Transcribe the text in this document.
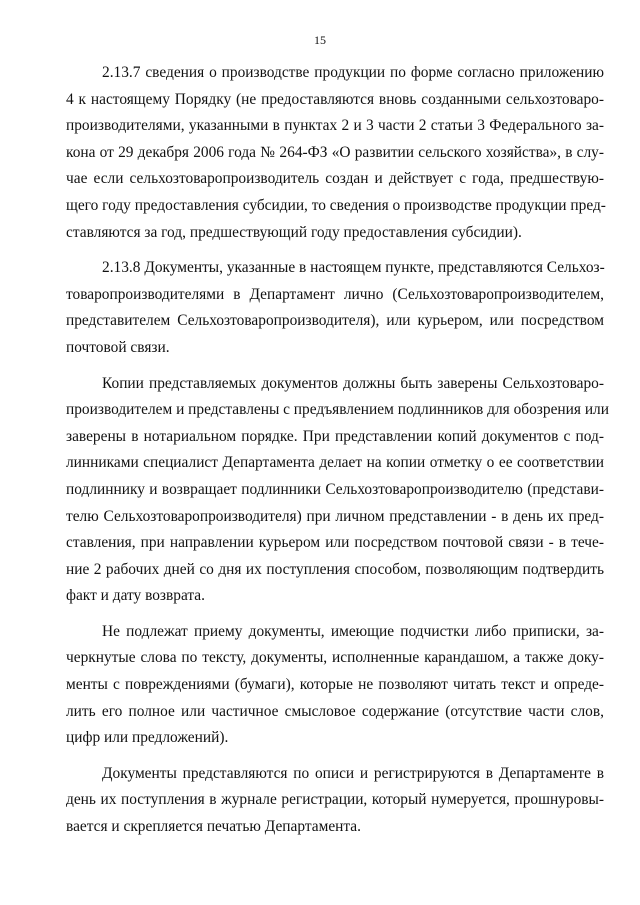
15
2.13.7 сведения о производстве продукции по форме согласно приложению
4 к настоящему Порядку (не предоставляются вновь созданными сельхозтоваро-
производителями, указанными в пунктах 2 и 3 части 2 статьи 3 Федерального за-
кона от 29 декабря 2006 года № 264-ФЗ «О развитии сельского хозяйства», в слу-
чае если сельхозтоваропроизводитель создан и действует с года, предшествую-
щего году предоставления субсидии, то сведения о производстве продукции пред-
ставляются за год, предшествующий году предоставления субсидии).
2.13.8 Документы, указанные в настоящем пункте, представляются Сельхоз-
товаропроизводителями в Департамент лично (Сельхозтоваропроизводителем,
представителем Сельхозтоваропроизводителя), или курьером, или посредством
почтовой связи.
Копии представляемых документов должны быть заверены Сельхозтоваро-
производителем и представлены с предъявлением подлинников для обозрения или
заверены в нотариальном порядке. При представлении копий документов с под-
линниками специалист Департамента делает на копии отметку о ее соответствии
подлиннику и возвращает подлинники Сельхозтоваропроизводителю (представи-
телю Сельхозтоваропроизводителя) при личном представлении - в день их пред-
ставления, при направлении курьером или посредством почтовой связи - в тече-
ние 2 рабочих дней со дня их поступления способом, позволяющим подтвердить
факт и дату возврата.
Не подлежат приему документы, имеющие подчистки либо приписки, за-
черкнутые слова по тексту, документы, исполненные карандашом, а также доку-
менты с повреждениями (бумаги), которые не позволяют читать текст и опреде-
лить его полное или частичное смысловое содержание (отсутствие части слов,
цифр или предложений).
Документы представляются по описи и регистрируются в Департаменте в
день их поступления в журнале регистрации, который нумеруется, прошнуровы-
вается и скрепляется печатью Департамента.
